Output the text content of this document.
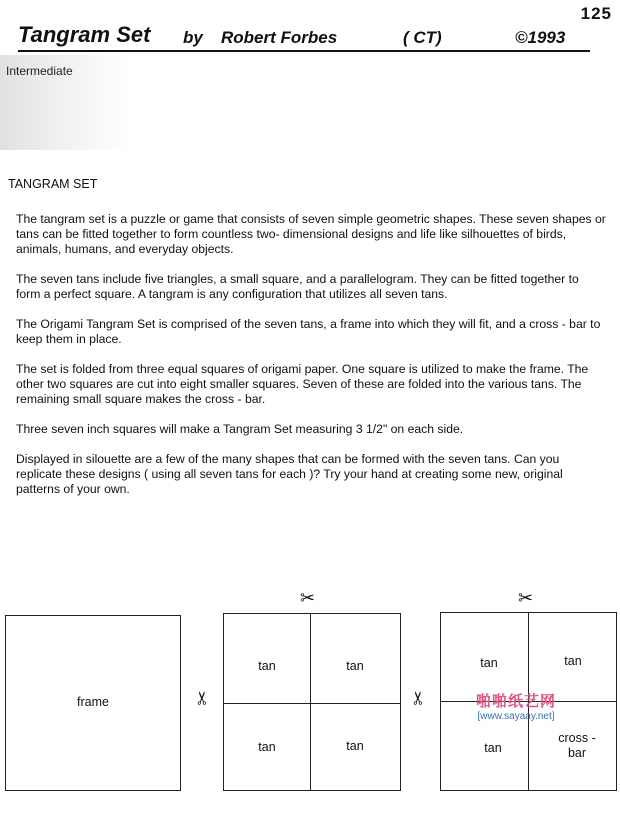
125
Tangram Set by Robert Forbes	( CT)	©1993
Intermediate
TANGRAM SET

The tangram set is a puzzle or game that consists of seven simple geometric shapes. These seven shapes or tans can be fitted together to form countless two- dimensional designs and life like silhouettes of birds, animals, humans, and everyday objects.

The seven tans include five triangles, a small square, and a parallelogram. They can be fitted together to form a perfect square. A tangram is any configuration that utilizes all seven tans.

The Origami Tangram Set is comprised of the seven tans, a frame into which they will fit, and a cross - bar to keep them in place.

The set is folded from three equal squares of origami paper. One square is utilized to make the frame. The other two squares are cut into eight smaller squares. Seven of these are folded into the various tans. The remaining small square makes the cross - bar.

Three seven inch squares will make a Tangram Set measuring 3 1/2" on each side.

Displayed in silouette are a few of the many shapes that can be formed with the seven tans. Can you replicate these designs ( using all seven tans for each )? Try your hand at creating some new, original patterns of your own.

frame
✂
✂
tan	tan
tan	tan
✂
✂
tan	tan
tan
cross -
bar
啪啪纸艺网
[www.sayaay.net]
